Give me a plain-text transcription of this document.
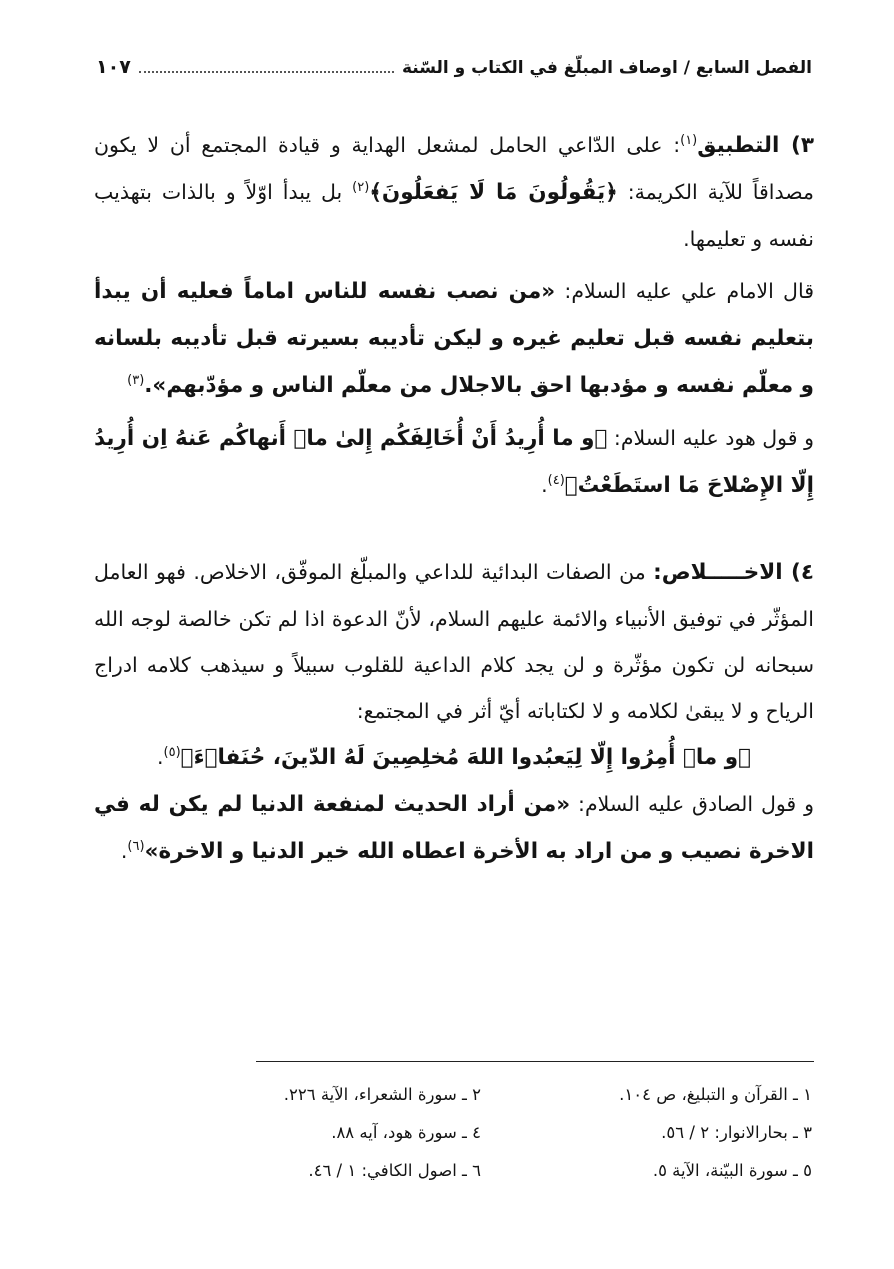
الفصل السابع / اوصاف المبلّغ في الكتاب و السّنة
١٠٧

٣) التطبيق$^{(١)}$: على الدّاعي الحامل لمشعل الهداية و قيادة المجتمع أن لا يكون مصداقاً للآية الكريمة: ﴿يَقُولُونَ مَا لَا يَفعَلُونَ﴾$^{(٢)}$ بل يبدأ اوّلاً و بالذات بتهذيب نفسه و تعليمها.

قال الامام علي عليه السلام: «من نصب نفسه للناس اماماً فعليه أن يبدأ بتعليم نفسه قبل تعليم غيره و ليكن تأديبه بسيرته قبل تأديبه بلسانه و معلّم نفسه و مؤدبها احق بالاجلال من معلّم الناس و مؤدّبهم».$^{(٣)}$

و قول هود عليه السلام: ﴿و ما أُرِيدُ أَنْ أُخَالِفَكُم إِلىٰ ماۤ أَنهاكُم عَنهُ اِن أُرِيدُ إِلّا الإِصْلاحَ مَا استَطَعْتُ﴾$^{(٤)}$.

٤) الاخـــــلاص: من الصفات البدائية للداعي والمبلّغ الموفّق، الاخلاص. فهو العامل المؤثّر في توفيق الأنبياء والائمة عليهم السلام، لأنّ الدعوة اذا لم تكن خالصة لوجه الله سبحانه لن تكون مؤثّرة و لن يجد كلام الداعية للقلوب سبيلاً و سيذهب كلامه ادراج الرياح و لا يبقىٰ لكلامه و لا لكتاباته أيّ أثر في المجتمع:

﴿و ماۤ أُمِرُوا إِلّا لِيَعبُدوا اللهَ مُخلِصِينَ لَهُ الدّينَ، حُنَفاۤءَ﴾$^{(٥)}$.

و قول الصادق عليه السلام: «من أراد الحديث لمنفعة الدنيا لم يكن له في الاخرة نصيب و من اراد به الأخرة اعطاه الله خير الدنيا و الاخرة»$^{(٦)}$.

١ ـ القرآن و التبليغ، ص ١٠٤.
٢ ـ سورة الشعراء، الآية ٢٢٦.
٣ ـ بحارالانوار: ٢ / ٥٦.
٤ ـ سورة هود، آيه ٨٨.
٥ ـ سورة البيّنة، الآية ٥.
٦ ـ اصول الكافي: ١ / ٤٦.
